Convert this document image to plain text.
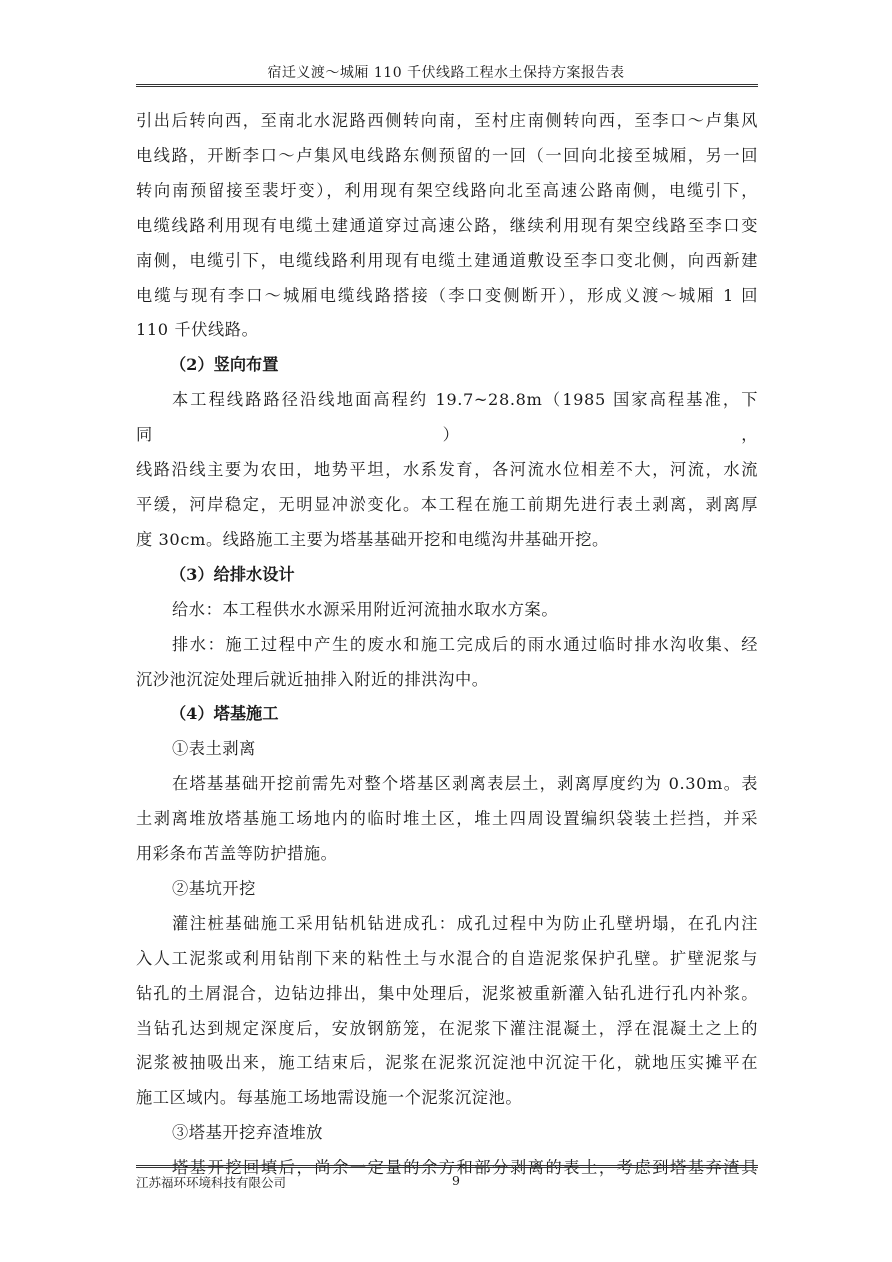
宿迁义渡～城厢 110 千伏线路工程水土保持方案报告表
引出后转向西，至南北水泥路西侧转向南，至村庄南侧转向西，至李口～卢集风
电线路，开断李口～卢集风电线路东侧预留的一回（一回向北接至城厢，另一回
转向南预留接至裴圩变），利用现有架空线路向北至高速公路南侧，电缆引下，
电缆线路利用现有电缆土建通道穿过高速公路，继续利用现有架空线路至李口变
南侧，电缆引下，电缆线路利用现有电缆土建通道敷设至李口变北侧，向西新建
电缆与现有李口～城厢电缆线路搭接（李口变侧断开），形成义渡～城厢 1 回
110 千伏线路。
（2）竖向布置
本工程线路路径沿线地面高程约 19.7~28.8m（1985 国家高程基准，下同），
线路沿线主要为农田，地势平坦，水系发育，各河流水位相差不大，河流，水流
平缓，河岸稳定，无明显冲淤变化。本工程在施工前期先进行表土剥离，剥离厚
度 30cm。线路施工主要为塔基基础开挖和电缆沟井基础开挖。
（3）给排水设计
给水：本工程供水水源采用附近河流抽水取水方案。
排水：施工过程中产生的废水和施工完成后的雨水通过临时排水沟收集、经
沉沙池沉淀处理后就近抽排入附近的排洪沟中。
（4）塔基施工
①表土剥离
在塔基基础开挖前需先对整个塔基区剥离表层土，剥离厚度约为 0.30m。表
土剥离堆放塔基施工场地内的临时堆土区，堆土四周设置编织袋装土拦挡，并采
用彩条布苫盖等防护措施。
②基坑开挖
灌注桩基础施工采用钻机钻进成孔：成孔过程中为防止孔壁坍塌，在孔内注
入人工泥浆或利用钻削下来的粘性土与水混合的自造泥浆保护孔壁。扩壁泥浆与
钻孔的土屑混合，边钻边排出，集中处理后，泥浆被重新灌入钻孔进行孔内补浆。
当钻孔达到规定深度后，安放钢筋笼，在泥浆下灌注混凝土，浮在混凝土之上的
泥浆被抽吸出来，施工结束后，泥浆在泥浆沉淀池中沉淀干化，就地压实摊平在
施工区域内。每基施工场地需设施一个泥浆沉淀池。
③塔基开挖弃渣堆放
塔基开挖回填后，尚余一定量的余方和部分剥离的表土，考虑到塔基弃渣具
江苏福环环境科技有限公司	9
